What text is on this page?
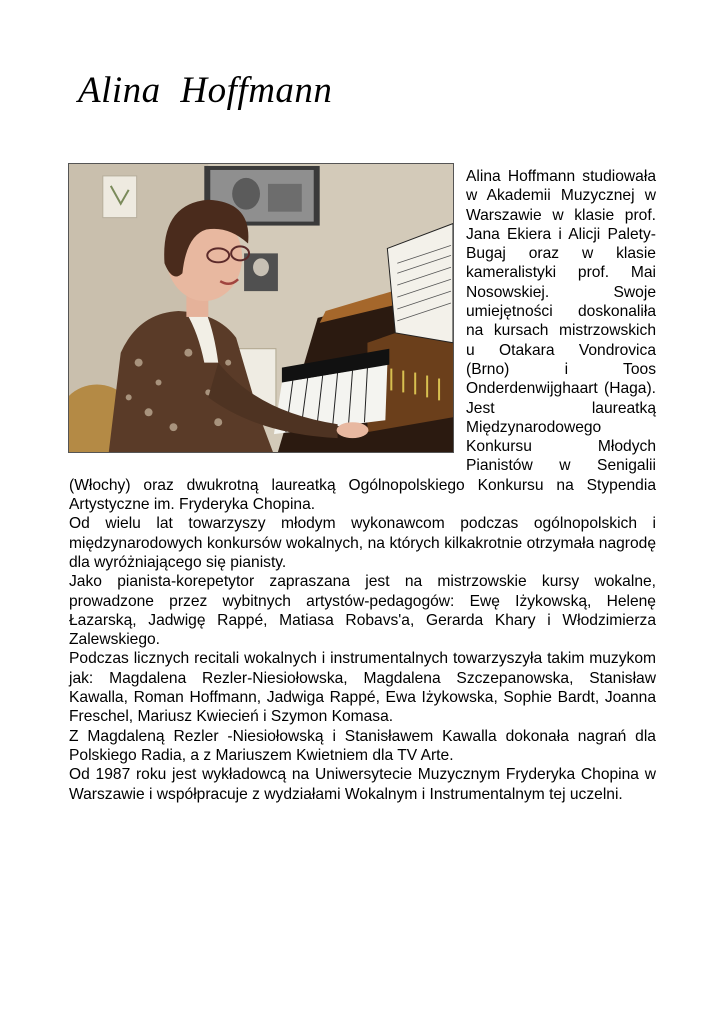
Alina Hoffmann

Alina Hoffmann studiowała w Akademii Muzycznej w Warszawie w klasie prof. Jana Ekiera i Alicji Palety-Bugaj oraz w klasie kameralistyki prof. Mai Nosowskiej. Swoje umiejętności doskonaliła na kursach mistrzowskich u Otakara Vondrovica (Brno) i Toos Onderdenwijghaart (Haga). Jest laureatką Międzynarodowego Konkursu Młodych Pianistów w Senigalii (Włochy) oraz dwukrotną laureatką Ogólnopolskiego Konkursu na Stypendia Artystyczne im. Fryderyka Chopina.

Od wielu lat towarzyszy młodym wykonawcom podczas ogólnopolskich i międzynarodowych konkursów wokalnych, na których kilkakrotnie otrzymała nagrodę dla wyróżniającego się pianisty.

Jako pianista-korepetytor zapraszana jest na mistrzowskie kursy wokalne, prowadzone przez wybitnych artystów-pedagogów: Ewę Iżykowską, Helenę Łazarską, Jadwigę Rappé, Matiasa Robavs'a, Gerarda Khary i Włodzimierza Zalewskiego.

Podczas licznych recitali wokalnych i instrumentalnych towarzyszyła takim muzykom jak: Magdalena Rezler-Niesiołowska, Magdalena Szczepanowska, Stanisław Kawalla, Roman Hoffmann, Jadwiga Rappé, Ewa Iżykowska, Sophie Bardt, Joanna Freschel, Mariusz Kwiecień i Szymon Komasa.

Z Magdaleną Rezler -Niesiołowską i Stanisławem Kawalla dokonała nagrań dla Polskiego Radia, a z Mariuszem Kwietniem dla TV Arte.

Od 1987 roku jest wykładowcą na Uniwersytecie Muzycznym Fryderyka Chopina w Warszawie i współpracuje z wydziałami Wokalnym i Instrumentalnym tej uczelni.
